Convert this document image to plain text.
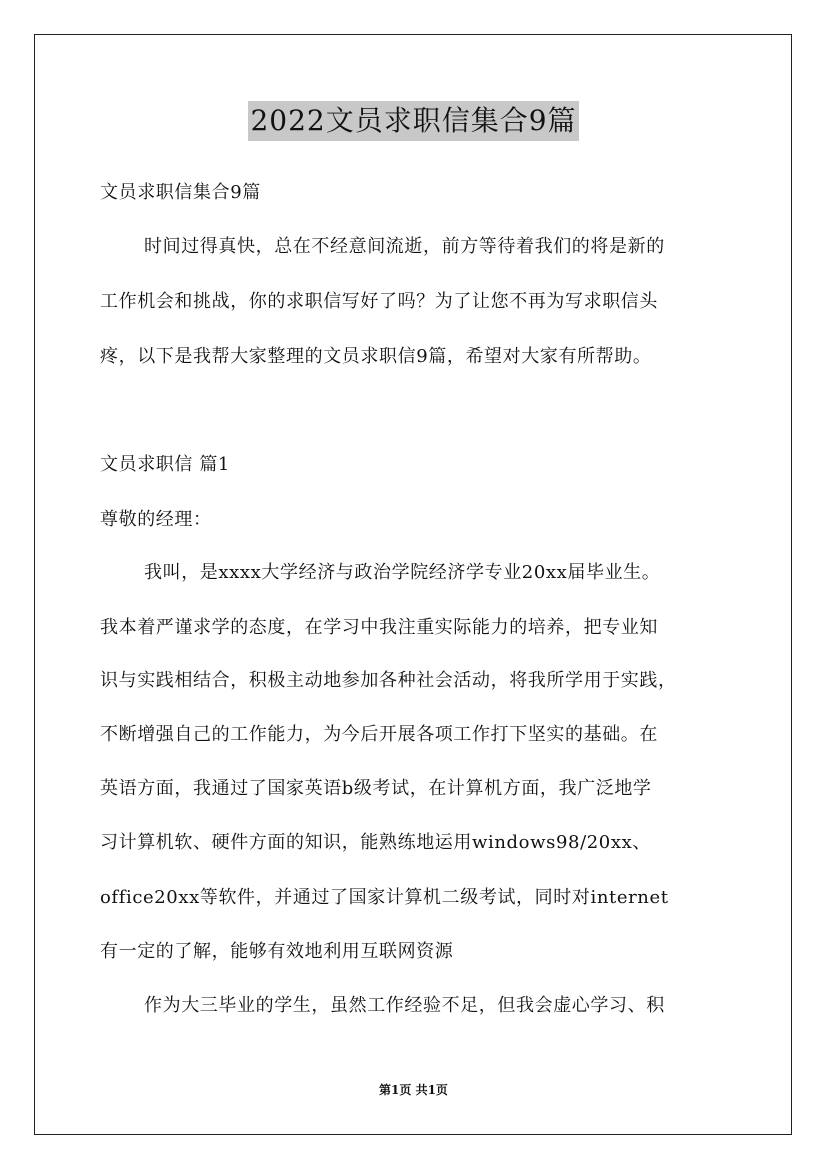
2022文员求职信集合9篇
文员求职信集合9篇
时间过得真快，总在不经意间流逝，前方等待着我们的将是新的
工作机会和挑战，你的求职信写好了吗？为了让您不再为写求职信头
疼，以下是我帮大家整理的文员求职信9篇，希望对大家有所帮助。
文员求职信 篇1
尊敬的经理：
我叫，是xxxx大学经济与政治学院经济学专业20xx届毕业生。
我本着严谨求学的态度，在学习中我注重实际能力的培养，把专业知
识与实践相结合，积极主动地参加各种社会活动，将我所学用于实践，
不断增强自己的工作能力，为今后开展各项工作打下坚实的基础。在
英语方面，我通过了国家英语b级考试，在计算机方面，我广泛地学
习计算机软、硬件方面的知识，能熟练地运用windows98/20xx、
office20xx等软件，并通过了国家计算机二级考试，同时对internet
有一定的了解，能够有效地利用互联网资源
作为大三毕业的学生，虽然工作经验不足，但我会虚心学习、积
第1页 共1页
